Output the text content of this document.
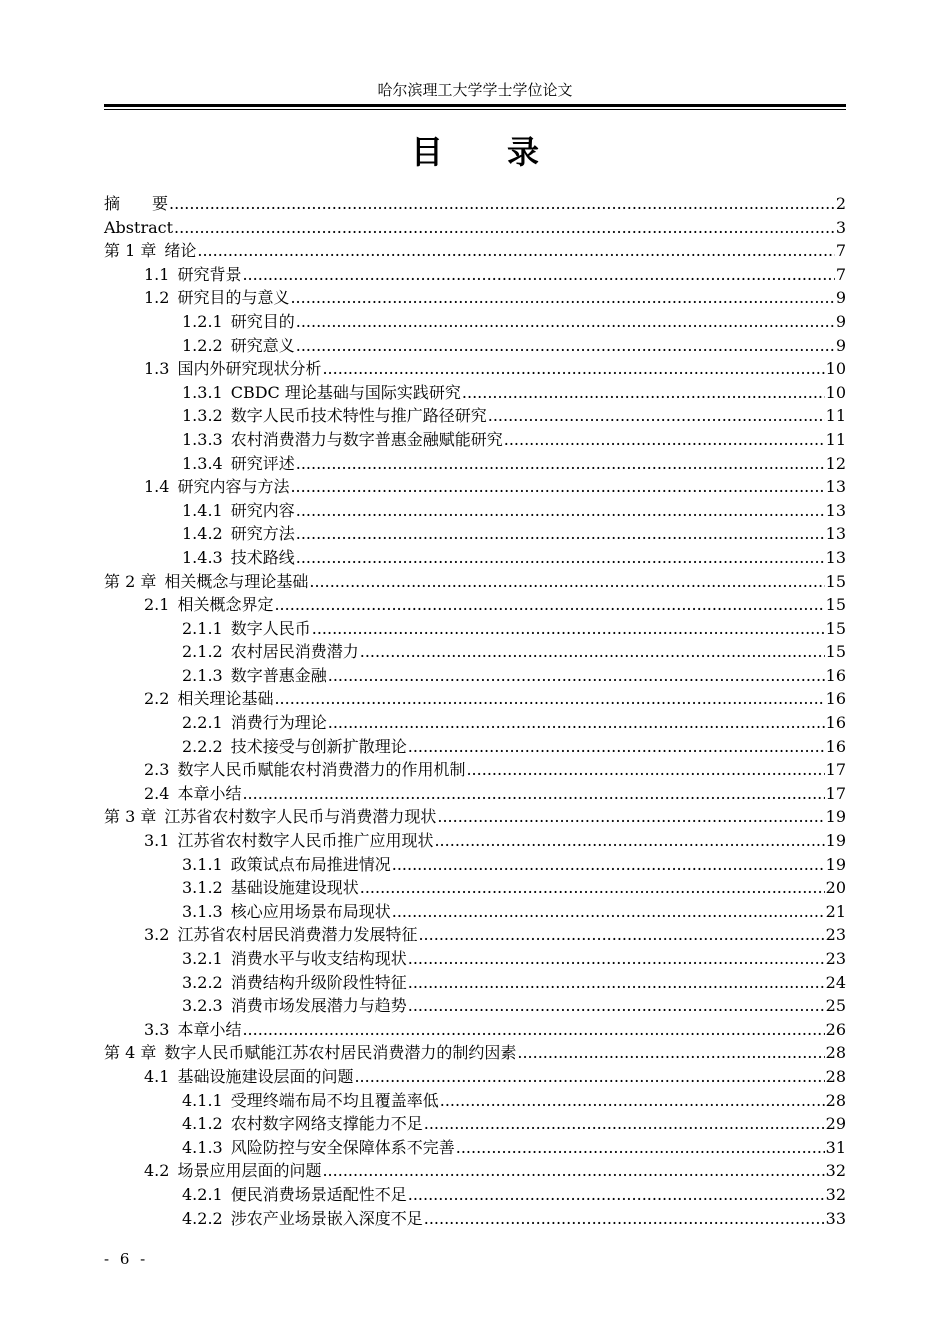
哈尔滨理工大学学士学位论文
目　　录
摘　　要 .....	2
Abstract .....	3
第 1 章 绪论 .....	7
1.1 研究背景 .....	7
1.2 研究目的与意义 .....	9
1.2.1 研究目的 .....	9
1.2.2 研究意义 .....	9
1.3 国内外研究现状分析 .....	10
1.3.1 CBDC 理论基础与国际实践研究 .....	10
1.3.2 数字人民币技术特性与推广路径研究 .....	11
1.3.3 农村消费潜力与数字普惠金融赋能研究 .....	11
1.3.4 研究评述 .....	12
1.4 研究内容与方法 .....	13
1.4.1 研究内容 .....	13
1.4.2 研究方法 .....	13
1.4.3 技术路线 .....	13
第 2 章 相关概念与理论基础 .....	15
2.1 相关概念界定 .....	15
2.1.1 数字人民币 .....	15
2.1.2 农村居民消费潜力 .....	15
2.1.3 数字普惠金融 .....	16
2.2 相关理论基础 .....	16
2.2.1 消费行为理论 .....	16
2.2.2 技术接受与创新扩散理论 .....	16
2.3 数字人民币赋能农村消费潜力的作用机制 .....	17
2.4 本章小结 .....	17
第 3 章 江苏省农村数字人民币与消费潜力现状 .....	19
3.1 江苏省农村数字人民币推广应用现状 .....	19
3.1.1 政策试点布局推进情况 .....	19
3.1.2 基础设施建设现状 .....	20
3.1.3 核心应用场景布局现状 .....	21
3.2 江苏省农村居民消费潜力发展特征 .....	23
3.2.1 消费水平与收支结构现状 .....	23
3.2.2 消费结构升级阶段性特征 .....	24
3.2.3 消费市场发展潜力与趋势 .....	25
3.3 本章小结 .....	26
第 4 章 数字人民币赋能江苏农村居民消费潜力的制约因素 .....	28
4.1 基础设施建设层面的问题 .....	28
4.1.1 受理终端布局不均且覆盖率低 .....	28
4.1.2 农村数字网络支撑能力不足 .....	29
4.1.3 风险防控与安全保障体系不完善 .....	31
4.2 场景应用层面的问题 .....	32
4.2.1 便民消费场景适配性不足 .....	32
4.2.2 涉农产业场景嵌入深度不足 .....	33
- 6 -
